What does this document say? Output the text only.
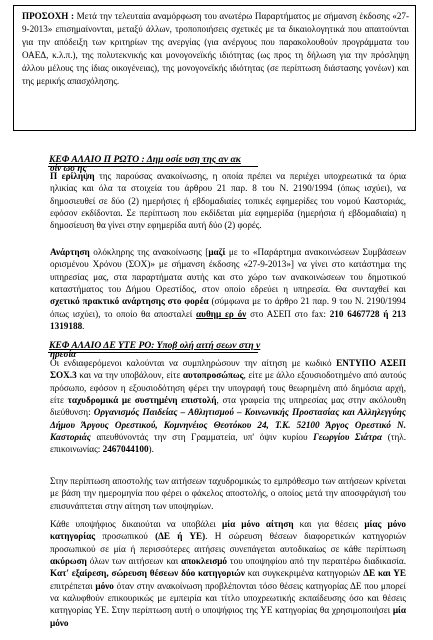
ΠΡΟΣΟΧΗ : Μετά την τελευταία αναμόρφωση του ανωτέρω Παραρτήματος με σήμανση έκδοσης «27-9-2013» επισημαίνονται, μεταξύ άλλων, τροποποιήσεις σχετικές με τα δικαιολογητικά που απαιτούνται για την απόδειξη των κριτηρίων της ανεργίας (για ανέργους που παρακολουθούν προγράμματα του ΟΑΕΔ, κ.λ.π.), της πολυτεκνικής και μονογονεϊκής ιδιότητας (ως προς τη δήλωση για την πρόσληψη άλλου μέλους της ίδιας οικογένειας), της μονογονεϊκής ιδιότητας (σε περίπτωση διάστασης γονέων) και της μερικής απασχόλησης.
ΚΕΦ ΑΛΑΙΟ Π ΡΩΤΟ : Δημ οσίε υση της αν ακ
οίν ωσ ης
Π ερίληψη της παρούσας ανακοίνωσης, η οποία πρέπει να περιέχει υποχρεωτικά τα όρια ηλικίας και όλα τα στοιχεία του άρθρου 21 παρ. 8 του Ν. 2190/1994 (όπως ισχύει), να δημοσιευθεί σε δύο (2) ημερήσιες ή εβδομαδιαίες τοπικές εφημερίδες του νομού Καστοριάς, εφόσον εκδίδονται. Σε περίπτωση που εκδίδεται μία εφημερίδα (ημερήσια ή εβδομαδιαία) η δημοσίευση θα γίνει στην εφημερίδα αυτή δύο (2) φορές.
Ανάρτηση ολόκληρης της ανακοίνωσης [μαζί με το «Παράρτημα ανακοινώσεων Συμβάσεων ορισμένου Χρόνου (ΣΟΧ)» με σήμανση έκδοσης «27-9-2013»] να γίνει στο κατάστημα της υπηρεσίας μας, στα παραρτήματα αυτής και στο χώρο των ανακοινώσεων του δημοτικού καταστήματος του Δήμου Ορεστίδος, στον οποίο εδρεύει η υπηρεσία. Θα συνταχθεί και σχετικό πρακτικό ανάρτησης στο φορέα (σύμφωνα με το άρθρο 21 παρ. 9 του Ν. 2190/1994 όπως ισχύει), το οποίο θα αποσταλεί αυθημ ερ όν στο ΑΣΕΠ στο fax: 210 6467728 ή 213 1319188.
ΚΕΦ ΑΛΑΙΟ ΔΕ ΥΤΕ ΡΟ: Υποβ ολή αιτή σεων στη ν
ηρεσία
Οι ενδιαφερόμενοι καλούνται να συμπληρώσουν την αίτηση με κωδικό ΕΝΤΥΠΟ ΑΣΕΠ ΣΟΧ.3 και να την υποβάλουν, είτε αυτοπροσώπως, είτε με άλλο εξουσιοδοτημένο από αυτούς πρόσωπο, εφόσον η εξουσιοδότηση φέρει την υπογραφή τους θεωρημένη από δημόσια αρχή, είτε ταχυδρομικά με συστημένη επιστολή, στα γραφεία της υπηρεσίας μας στην ακόλουθη διεύθυνση: Οργανισμός Παιδείας – Αθλητισμού – Κοινωνικής Προστασίας και Αλληλεγγύης Δήμου Άργους Ορεστικού, Κομνηνέιος Θεοτόκου 24, Τ.Κ. 52100 Άργος Ορεστικό Ν. Καστοριάς απευθύνοντάς την στη Γραμματεία, υπ' όψιν κυρίου Γεωργίου Σιάτρα (τηλ. επικοινωνίας: 2467044100).
Στην περίπτωση αποστολής των αιτήσεων ταχυδρομικώς το εμπρόθεσμο των αιτήσεων κρίνεται με βάση την ημερομηνία που φέρει ο φάκελος αποστολής, ο οποίος μετά την αποσφράγισή του επισυνάπτεται στην αίτηση των υποψηφίων.
Κάθε υποψήφιος δικαιούται να υποβάλει μία μόνο αίτηση και για θέσεις μίας μόνο κατηγορίας προσωπικού (ΔΕ ή ΥΕ). Η σώρευση θέσεων διαφορετικών κατηγοριών προσωπικού σε μία ή περισσότερες αιτήσεις συνεπάγεται αυτοδικαίως σε κάθε περίπτωση ακύρωση όλων των αιτήσεων και αποκλεισμό του υποψηφίου από την περαιτέρω διαδικασία. Κατ' εξαίρεση, σώρευση θέσεων δύο κατηγοριών και συγκεκριμένα κατηγοριών ΔΕ και ΥΕ επιτρέπεται μόνο όταν στην ανακοίνωση προβλέπονται τόσο θέσεις κατηγορίας ΔΕ που μπορεί να καλυφθούν επικουρικώς με εμπειρία και τίτλο υποχρεωτικής εκπαίδευσης όσο και θέσεις κατηγορίας ΥΕ. Στην περίπτωση αυτή ο υποψήφιος της ΥΕ κατηγορίας θα χρησιμοποιήσει μία μόνο
